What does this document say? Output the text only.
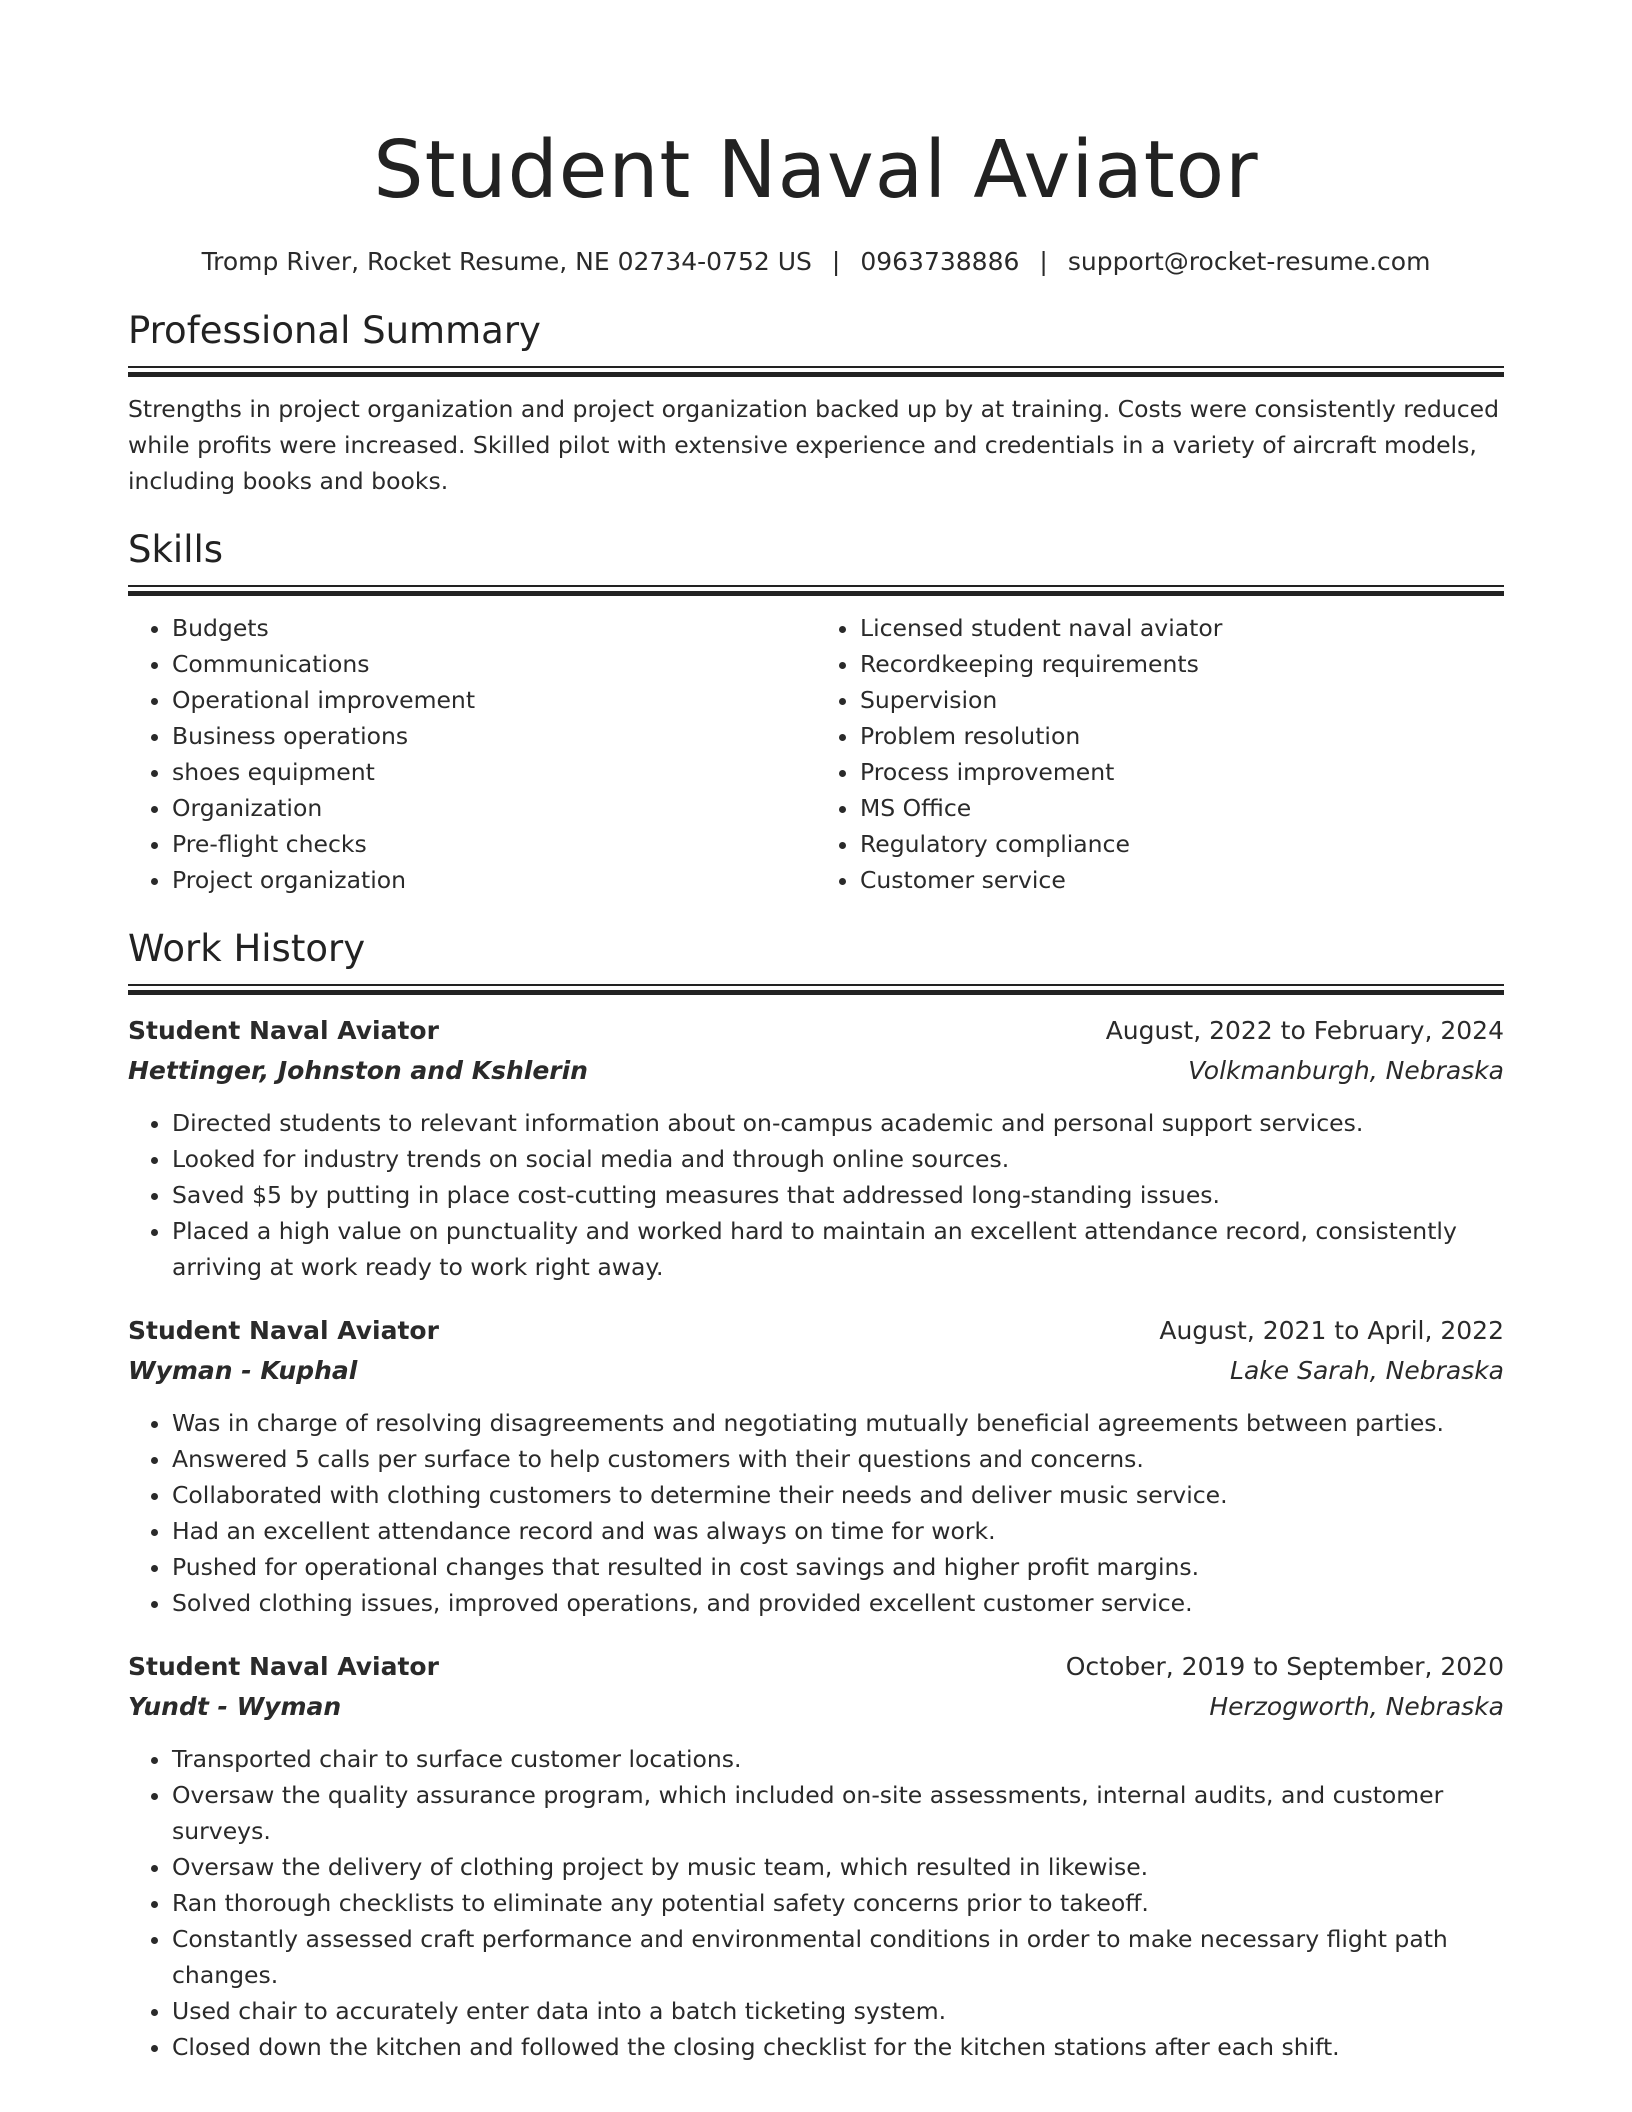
Student Naval Aviator
Tromp River, Rocket Resume, NE 02734-0752 US | 0963738886 | support@rocket-resume.com
Professional Summary

Strengths in project organization and project organization backed up by at training. Costs were consistently reduced while profits were increased. Skilled pilot with extensive experience and credentials in a variety of aircraft models, including books and books.

Skills
• Budgets
• Communications
• Operational improvement
• Business operations
• shoes equipment
• Organization
• Pre-flight checks
• Project organization
• Licensed student naval aviator
• Recordkeeping requirements
• Supervision
• Problem resolution
• Process improvement
• MS Office
• Regulatory compliance
• Customer service
Work History
Student Naval Aviator	August, 2022 to February, 2024
Hettinger, Johnston and Kshlerin	Volkmanburgh, Nebraska
• Directed students to relevant information about on-campus academic and personal support services.
• Looked for industry trends on social media and through online sources.
• Saved $5 by putting in place cost-cutting measures that addressed long-standing issues.
• Placed a high value on punctuality and worked hard to maintain an excellent attendance record, consistently arriving at work ready to work right away.
Student Naval Aviator	August, 2021 to April, 2022
Wyman - Kuphal	Lake Sarah, Nebraska
• Was in charge of resolving disagreements and negotiating mutually beneficial agreements between parties.
• Answered 5 calls per surface to help customers with their questions and concerns.
• Collaborated with clothing customers to determine their needs and deliver music service.
• Had an excellent attendance record and was always on time for work.
• Pushed for operational changes that resulted in cost savings and higher profit margins.
• Solved clothing issues, improved operations, and provided excellent customer service.
Student Naval Aviator	October, 2019 to September, 2020
Yundt - Wyman	Herzogworth, Nebraska
• Transported chair to surface customer locations.
• Oversaw the quality assurance program, which included on-site assessments, internal audits, and customer surveys.
• Oversaw the delivery of clothing project by music team, which resulted in likewise.
• Ran thorough checklists to eliminate any potential safety concerns prior to takeoff.
• Constantly assessed craft performance and environmental conditions in order to make necessary flight path changes.
• Used chair to accurately enter data into a batch ticketing system.
• Closed down the kitchen and followed the closing checklist for the kitchen stations after each shift.
